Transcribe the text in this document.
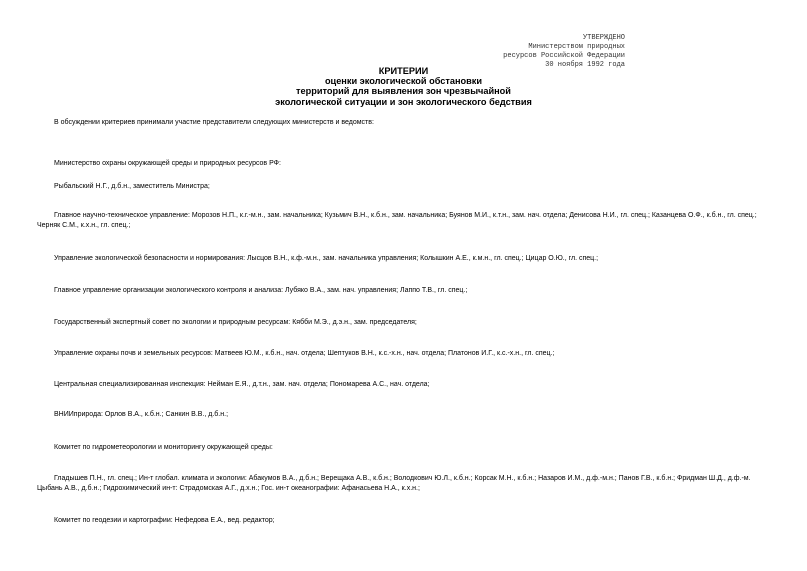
УТВЕРЖДЕНО
Министерством природных
ресурсов Российской Федерации
30 ноября 1992 года
КРИТЕРИИ
оценки экологической обстановки
территорий для выявления зон чрезвычайной
экологической ситуации и зон экологического бедствия

В обсуждении критериев принимали участие представители следующих министерств и ведомств:

Министерство охраны окружающей среды и природных ресурсов РФ:

Рыбальский Н.Г., д.б.н., заместитель Министра;

Главное научно-техническое управление: Морозов Н.П., к.г.-м.н., зам. начальника; Кузьмич В.Н., к.б.н., зам. начальника; Буянов М.И., к.т.н., зам. нач. отдела; Денисова Н.И., гл. спец.; Казанцева О.Ф., к.б.н., гл. спец.; Черняк С.М., к.х.н., гл. спец.;

Управление экологической безопасности и нормирования: Лысцов В.Н., к.ф.-м.н., зам. начальника управления; Колышкин А.Е., к.м.н., гл. спец.; Цицар О.Ю., гл. спец.;

Главное управление организации экологического контроля и анализа: Лубяко В.А., зам. нач. управления; Лаппо Т.В., гл. спец.;

Государственный экспертный совет по экологии и природным ресурсам: Кябби М.Э., д.э.н., зам. председателя;

Управление охраны почв и земельных ресурсов: Матвеев Ю.М., к.б.н., нач. отдела; Шептуков В.Н., к.с.-х.н., нач. отдела; Платонов И.Г., к.с.-х.н., гл. спец.;

Центральная специализированная инспекция: Нейман Е.Я., д.т.н., зам. нач. отдела; Пономарева А.С., нач. отдела;

ВНИИприрода: Орлов В.А., к.б.н.; Санкин В.В., д.б.н.;

Комитет по гидрометеорологии и мониторингу окружающей среды:

Гладышев П.Н., гл. спец.; Ин-т глобал. климата и экологии: Абакумов В.А., д.б.н.; Верещака А.В., к.б.н.; Володкович Ю.Л., к.б.н.; Корсак М.Н., к.б.н.; Назаров И.М., д.ф.-м.н.; Панов Г.В., к.б.н.; Фридман Ш.Д., д.ф.-м. Цыбань А.В., д.б.н.; Гидрохимический ин-т: Страдомская А.Г., д.х.н.; Гос. ин-т океанографии: Афанасьева Н.А., к.х.н.;

Комитет по геодезии и картографии: Нефедова Е.А., вед. редактор;
